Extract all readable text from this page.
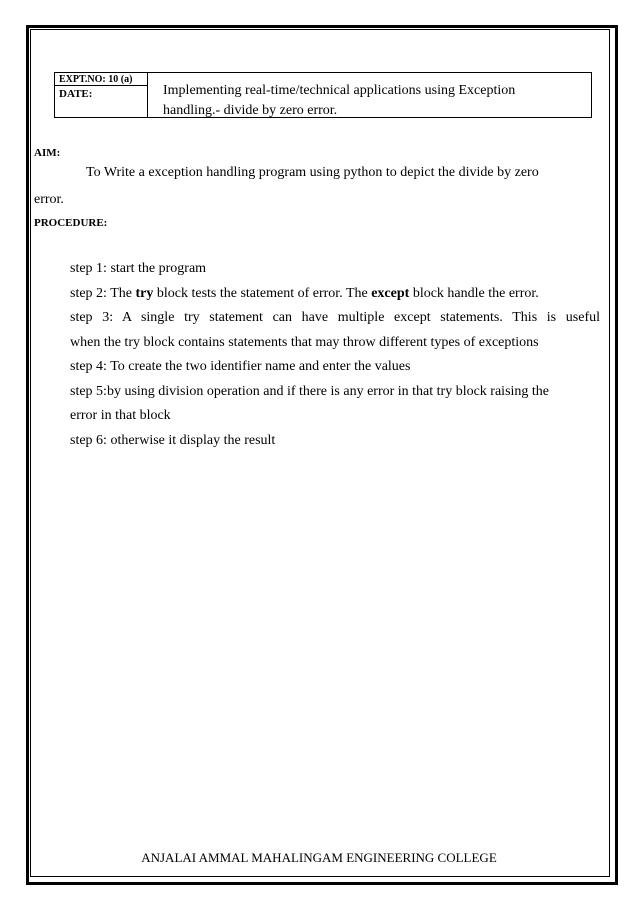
EXPT.NO: 10 (a)
DATE:	Implementing real-time/technical applications using Exception
handling.- divide by zero error.
AIM:
To Write a exception handling program using python to depict the divide by zero
error.
PROCEDURE:
step 1: start the program
step 2: The try block tests the statement of error. The except block handle the error.
step 3: A single try statement can have multiple except statements. This is useful
when the try block contains statements that may throw different types of exceptions
step 4: To create the two identifier name and enter the values
step 5:by using division operation and if there is any error in that try block raising the
error in that block
step 6: otherwise it display the result
ANJALAI AMMAL MAHALINGAM ENGINEERING COLLEGE
